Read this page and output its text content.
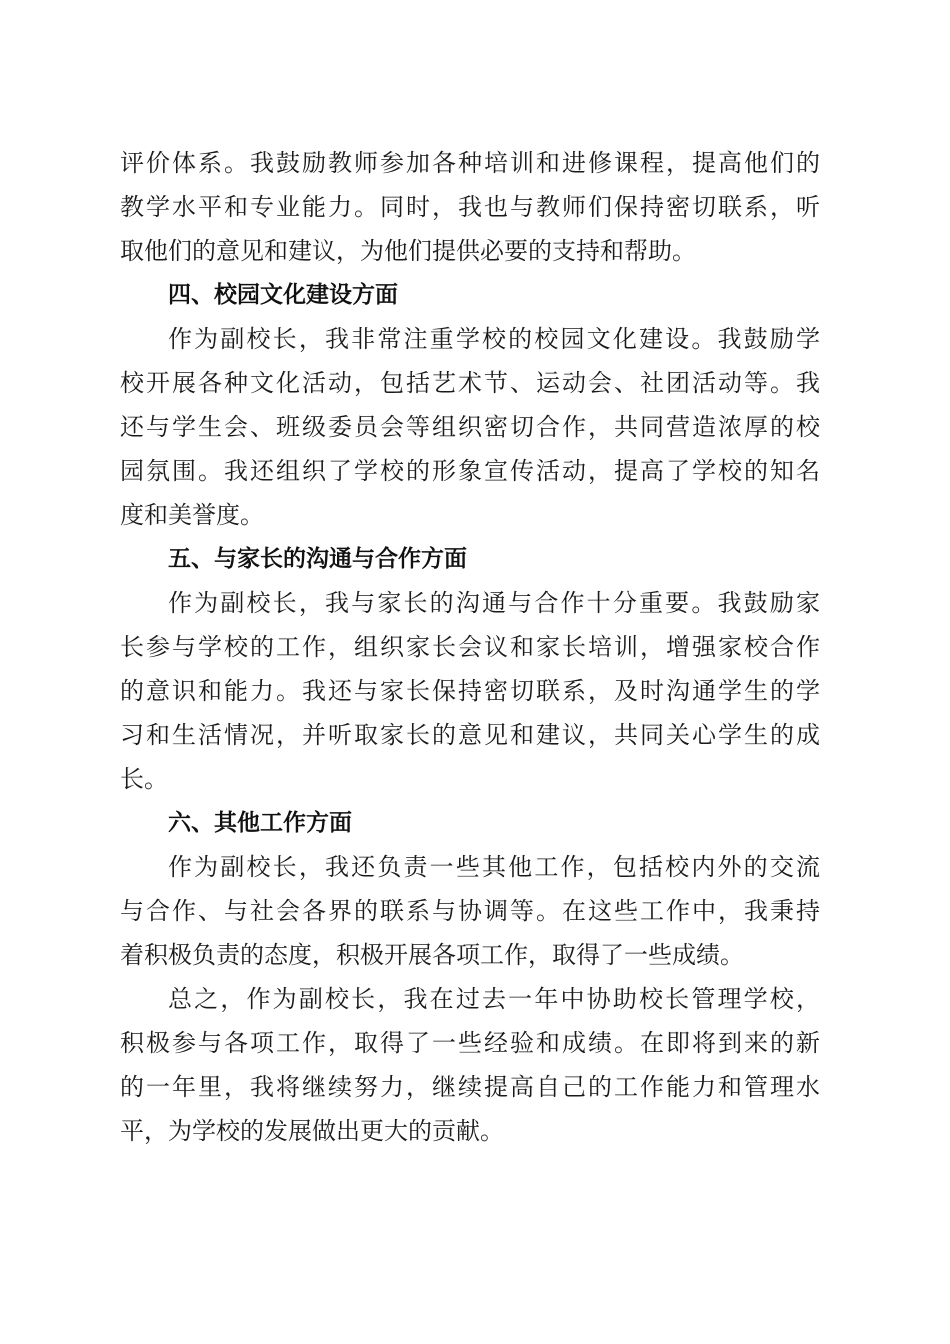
评价体系。我鼓励教师参加各种培训和进修课程，提高他们的
教学水平和专业能力。同时，我也与教师们保持密切联系，听
取他们的意见和建议，为他们提供必要的支持和帮助。
四、校园文化建设方面
作为副校长，我非常注重学校的校园文化建设。我鼓励学
校开展各种文化活动，包括艺术节、运动会、社团活动等。我
还与学生会、班级委员会等组织密切合作，共同营造浓厚的校
园氛围。我还组织了学校的形象宣传活动，提高了学校的知名
度和美誉度。
五、与家长的沟通与合作方面
作为副校长，我与家长的沟通与合作十分重要。我鼓励家
长参与学校的工作，组织家长会议和家长培训，增强家校合作
的意识和能力。我还与家长保持密切联系，及时沟通学生的学
习和生活情况，并听取家长的意见和建议，共同关心学生的成
长。
六、其他工作方面
作为副校长，我还负责一些其他工作，包括校内外的交流
与合作、与社会各界的联系与协调等。在这些工作中，我秉持
着积极负责的态度，积极开展各项工作，取得了一些成绩。
总之，作为副校长，我在过去一年中协助校长管理学校，
积极参与各项工作，取得了一些经验和成绩。在即将到来的新
的一年里，我将继续努力，继续提高自己的工作能力和管理水
平，为学校的发展做出更大的贡献。
